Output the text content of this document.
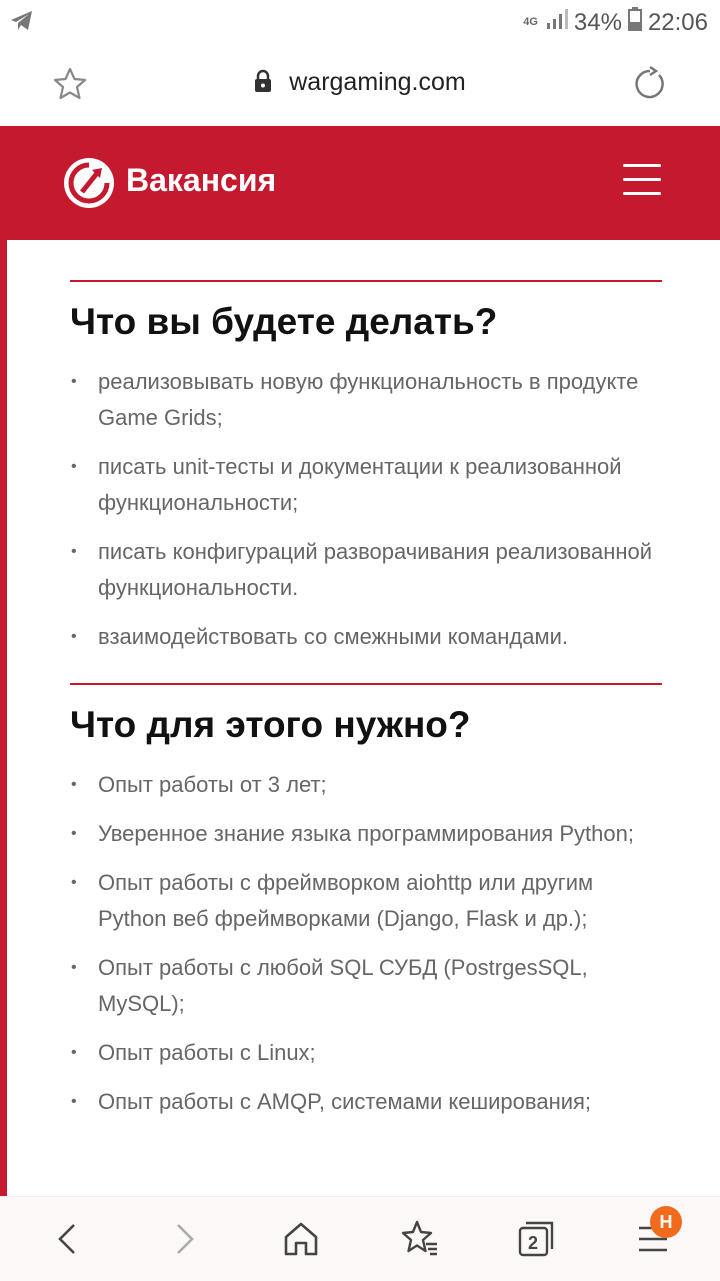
4G 34% 22:06
wargaming.com
Вакансия
Что вы будете делать?
• реализовывать новую функциональность в продукте Game Grids;
• писать unit-тесты и документации к реализованной функциональности;
• писать конфигураций разворачивания реализованной функциональности.
• взаимодействовать со смежными командами.
Что для этого нужно?
• Опыт работы от 3 лет;
• Уверенное знание языка программирования Python;
• Опыт работы с фреймворком aiohttp или другим Python веб фреймворками (Django, Flask и др.);
• Опыт работы с любой SQL СУБД (PostrgesSQL, MySQL);
• Опыт работы с Linux;
• Опыт работы с AMQP, системами кеширования;
2
H
